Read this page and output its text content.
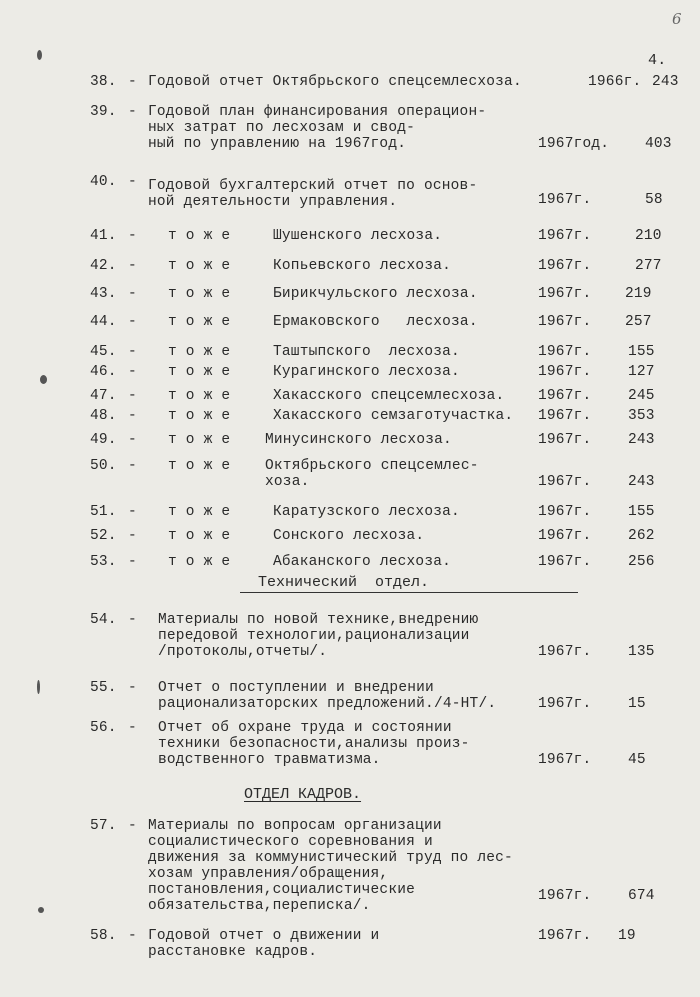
6
4.
38. - Годовой отчет Октябрьского спецсемлесхоза.	1966г. 243
39. - Годовой план финансирования операцион-
ных затрат по лесхозам и свод-
ный по управлению на 1967год.	1967год. 403
40. - Годовой бухгалтерский отчет по основ-
ной деятельности управления.	1967г.	58
41. - т о ж е	Шушенского лесхоза.	1967г.	210
42. - т о ж е	Копьевского лесхоза.	1967г.	277
43. - т о ж е	Бирикчульского лесхоза.	1967г. 219
44. - т о ж е	Ермаковского   лесхоза.	1967г. 257
45. - т о ж е	Таштыпского  лесхоза.	1967г.	155
46. - т о ж е	Курагинского лесхоза.	1967г.	127
47. - т о ж е	Хакасского спецсемлесхоза. 1967г.	245
48. - т о ж е	Хакасского семзаготучастка. 1967г.	353
49. - т о ж е Минусинского лесхоза.	1967г.	243
50. - т о ж е Октябрьского спецсемлес-
хоза.	1967г.	243
51. - т о ж е	Каратузского лесхоза.	1967г.	155
52. - т о ж е	Сонского лесхоза.	1967г.	262
53. - т о ж е	Абаканского лесхоза.	1967г.	256
Технический  отдел.
54. - Материалы по новой технике,внедрению
передовой технологии,рационализации
/протоколы,отчеты/.	1967г.	135
55. - Отчет о поступлении и внедрении
рационализаторских предложений./4-НТ/.	1967г.	15
56. - Отчет об охране труда и состоянии
техники безопасности,анализы произ-
водственного травматизма.	1967г.	45
ОТДЕЛ КАДРОВ.
57. - Материалы по вопросам организации
социалистического соревнования и
движения за коммунистический труд по лес-
хозам управления/обращения,
постановления,социалистические
обязательства,переписка/.
1967г.	674
58. - Годовой отчет о движении и
расстановке кадров.
1967г. 19
